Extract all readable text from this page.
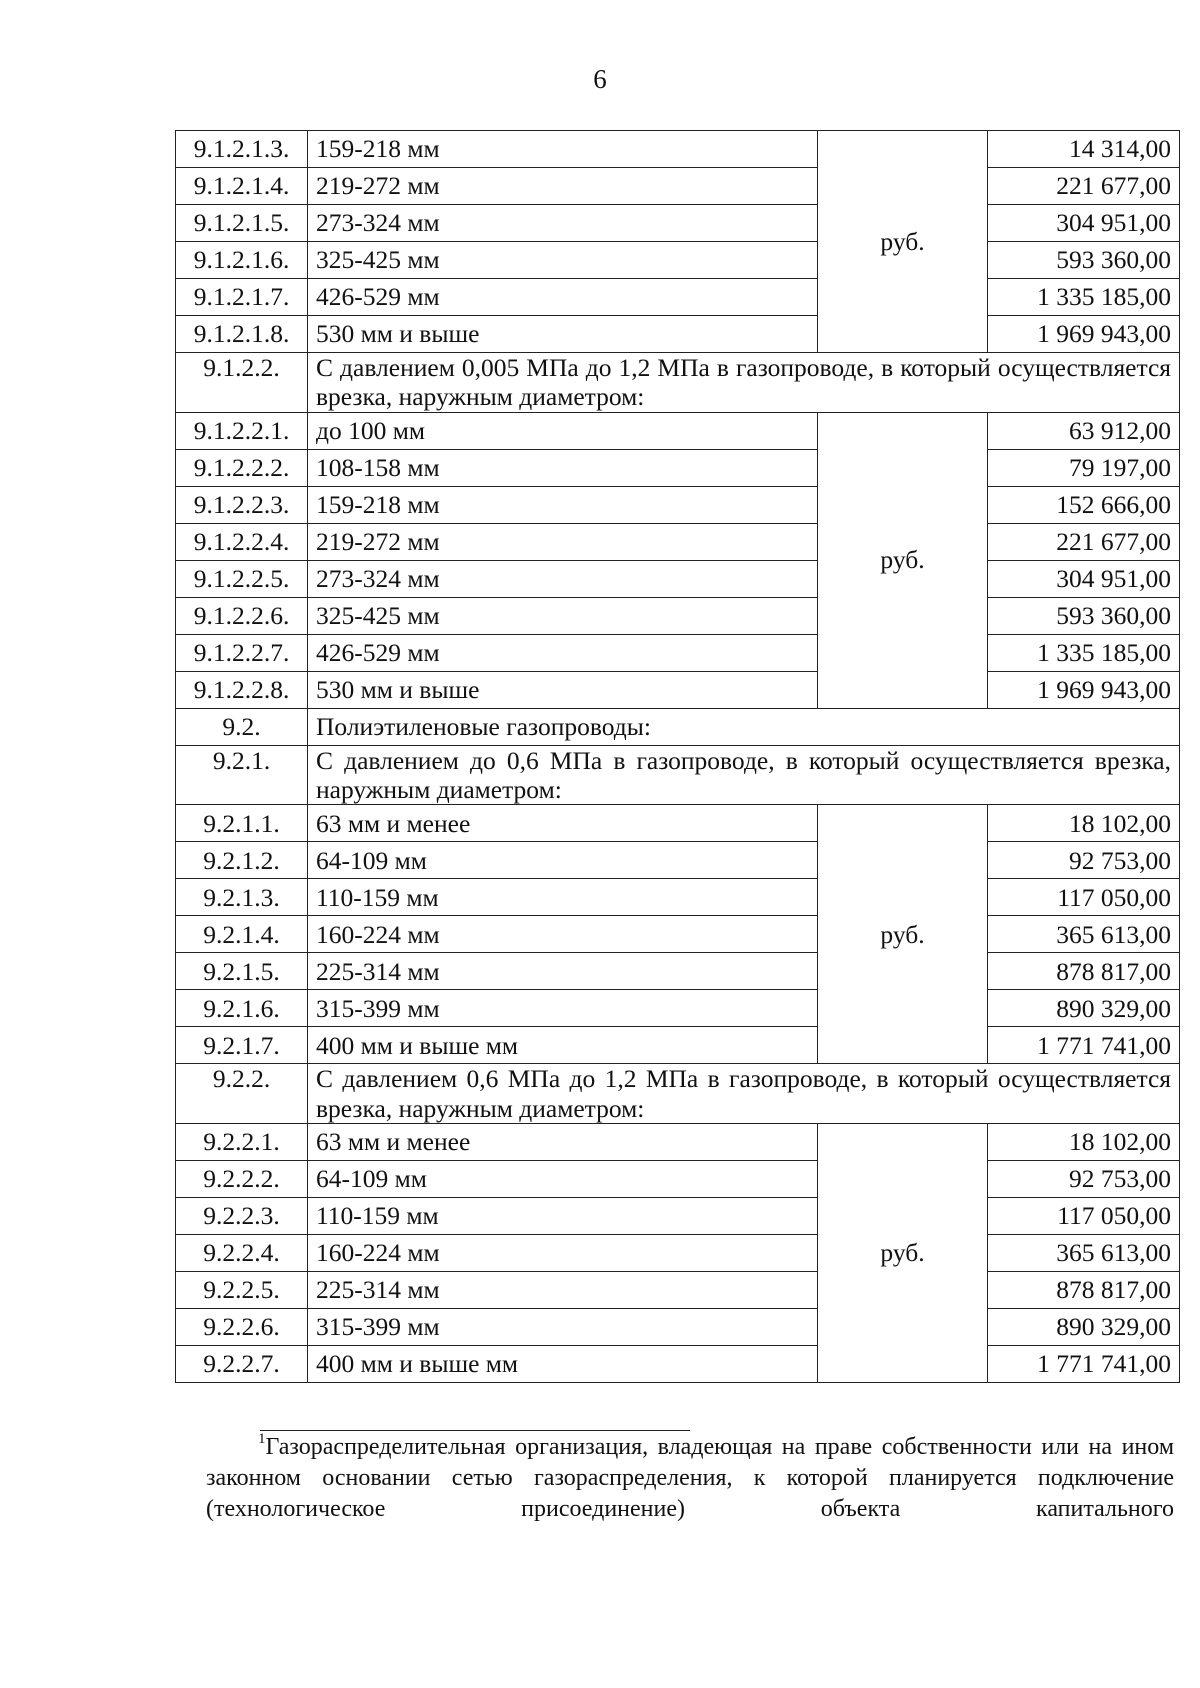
6
9.1.2.1.3.	159-218 мм	руб.	14 314,00
9.1.2.1.4.	219-272 мм		221 677,00
9.1.2.1.5.	273-324 мм		304 951,00
9.1.2.1.6.	325-425 мм		593 360,00
9.1.2.1.7.	426-529 мм		1 335 185,00
9.1.2.1.8.	530 мм и выше		1 969 943,00
9.1.2.2.	С давлением 0,005 МПа до 1,2 МПа в газопроводе, в который осуществляется врезка, наружным диаметром:		
9.1.2.2.1.	до 100 мм	руб.	63 912,00
9.1.2.2.2.	108-158 мм		79 197,00
9.1.2.2.3.	159-218 мм		152 666,00
9.1.2.2.4.	219-272 мм		221 677,00
9.1.2.2.5.	273-324 мм		304 951,00
9.1.2.2.6.	325-425 мм		593 360,00
9.1.2.2.7.	426-529 мм		1 335 185,00
9.1.2.2.8.	530 мм и выше		1 969 943,00
9.2.	Полиэтиленовые газопроводы:		
9.2.1.	С давлением до 0,6 МПа в газопроводе, в который осуществляется врезка, наружным диаметром:		
9.2.1.1.	63 мм и менее	руб.	18 102,00
9.2.1.2.	64-109 мм		92 753,00
9.2.1.3.	110-159 мм		117 050,00
9.2.1.4.	160-224 мм		365 613,00
9.2.1.5.	225-314 мм		878 817,00
9.2.1.6.	315-399 мм		890 329,00
9.2.1.7.	400 мм и выше мм		1 771 741,00
9.2.2.	С давлением 0,6 МПа до 1,2 МПа в газопроводе, в который осуществляется врезка, наружным диаметром:		
9.2.2.1.	63 мм и менее	руб.	18 102,00
9.2.2.2.	64-109 мм		92 753,00
9.2.2.3.	110-159 мм		117 050,00
9.2.2.4.	160-224 мм		365 613,00
9.2.2.5.	225-314 мм		878 817,00
9.2.2.6.	315-399 мм		890 329,00
9.2.2.7.	400 мм и выше мм		1 771 741,00

$^1$Газораспределительная организация, владеющая на праве собственности или на ином законном основании сетью газораспределения, к которой планируется подключение (технологическое присоединение) объекта капитального
